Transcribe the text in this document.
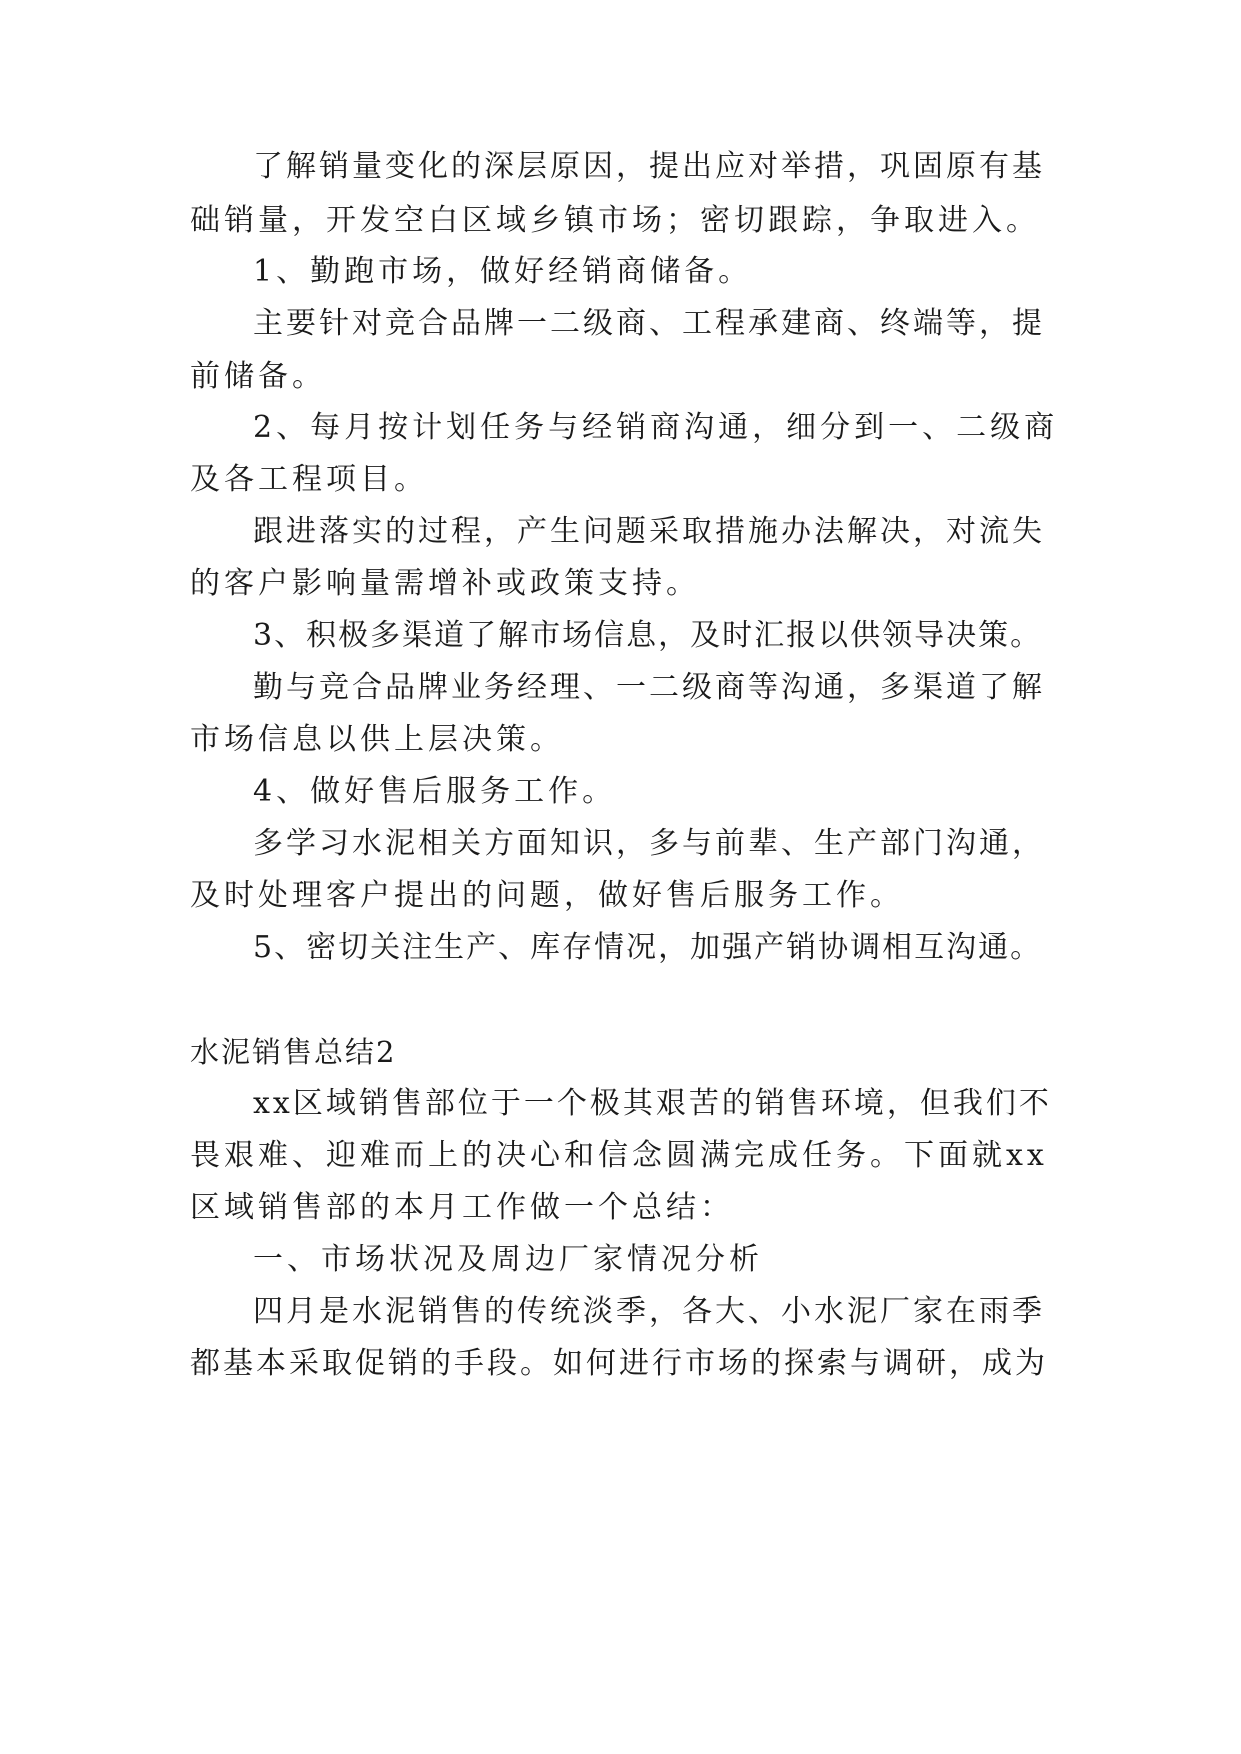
了解销量变化的深层原因，提出应对举措，巩固原有基

础销量，开发空白区域乡镇市场；密切跟踪，争取进入。

1、勤跑市场，做好经销商储备。

主要针对竞合品牌一二级商、工程承建商、终端等，提

前储备。

2、每月按计划任务与经销商沟通，细分到一、二级商

及各工程项目。

跟进落实的过程，产生问题采取措施办法解决，对流失

的客户影响量需增补或政策支持。

3、积极多渠道了解市场信息，及时汇报以供领导决策。

勤与竞合品牌业务经理、一二级商等沟通，多渠道了解

市场信息以供上层决策。

4、做好售后服务工作。

多学习水泥相关方面知识，多与前辈、生产部门沟通，

及时处理客户提出的问题，做好售后服务工作。

5、密切关注生产、库存情况，加强产销协调相互沟通。

水泥销售总结2

xx区域销售部位于一个极其艰苦的销售环境，但我们不

畏艰难、迎难而上的决心和信念圆满完成任务。下面就xx

区域销售部的本月工作做一个总结：

一、市场状况及周边厂家情况分析

四月是水泥销售的传统淡季，各大、小水泥厂家在雨季

都基本采取促销的手段。如何进行市场的探索与调研，成为
